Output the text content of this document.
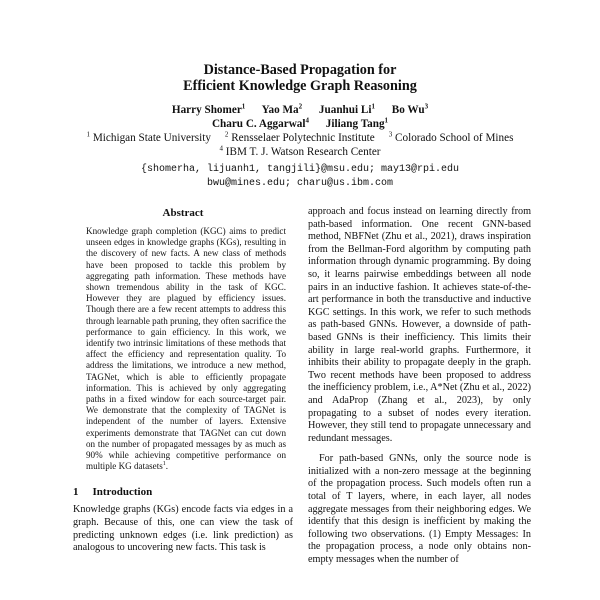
Distance-Based Propagation for
Efficient Knowledge Graph Reasoning
Harry Shomer$^1$ Yao Ma$^2$ Juanhui Li$^1$ Bo Wu$^3$
Charu C. Aggarwal$^4$ Jiliang Tang$^1$
$^1$ Michigan State University $^2$ Rensselaer Polytechnic Institute $^3$ Colorado School of Mines
$^4$ IBM T. J. Watson Research Center
{shomerha, lijuanh1, tangjili}@msu.edu; may13@rpi.edu
bwu@mines.edu; charu@us.ibm.com
Abstract
Knowledge graph completion (KGC) aims to predict unseen edges in knowledge graphs (KGs), resulting in the discovery of new facts. A new class of methods have been proposed to tackle this problem by aggregating path information. These methods have shown tremendous ability in the task of KGC. However they are plagued by efficiency issues. Though there are a few recent attempts to address this through learnable path pruning, they often sacrifice the performance to gain efficiency. In this work, we identify two intrinsic limitations of these methods that affect the efficiency and representation quality. To address the limitations, we introduce a new method, TAGNet, which is able to efficiently propagate information. This is achieved by only aggregating paths in a fixed window for each source-target pair. We demonstrate that the complexity of TAGNet is independent of the number of layers. Extensive experiments demonstrate that TAGNet can cut down on the number of propagated messages by as much as 90% while achieving competitive performance on multiple KG datasets$^1$.
1 Introduction
Knowledge graphs (KGs) encode facts via edges in a graph. Because of this, one can view the task of predicting unknown edges (i.e. link prediction) as analogous to uncovering new facts. This task is

approach and focus instead on learning directly from path-based information. One recent GNN-based method, NBFNet (Zhu et al., 2021), draws inspiration from the Bellman-Ford algorithm by computing path information through dynamic programming. By doing so, it learns pairwise embeddings between all node pairs in an inductive fashion. It achieves state-of-the-art performance in both the transductive and inductive KGC settings. In this work, we refer to such methods as path-based GNNs. However, a downside of path-based GNNs is their inefficiency. This limits their ability in large real-world graphs. Furthermore, it inhibits their ability to propagate deeply in the graph. Two recent methods have been proposed to address the inefficiency problem, i.e., A*Net (Zhu et al., 2022) and AdaProp (Zhang et al., 2023), by only propagating to a subset of nodes every iteration. However, they still tend to propagate unnecessary and redundant messages.

For path-based GNNs, only the source node is initialized with a non-zero message at the beginning of the propagation process. Such models often run a total of T layers, where, in each layer, all nodes aggregate messages from their neighboring edges. We identify that this design is inefficient by making the following two observations. (1) Empty Messages: In the propagation process, a node only obtains non-empty messages when the number of
